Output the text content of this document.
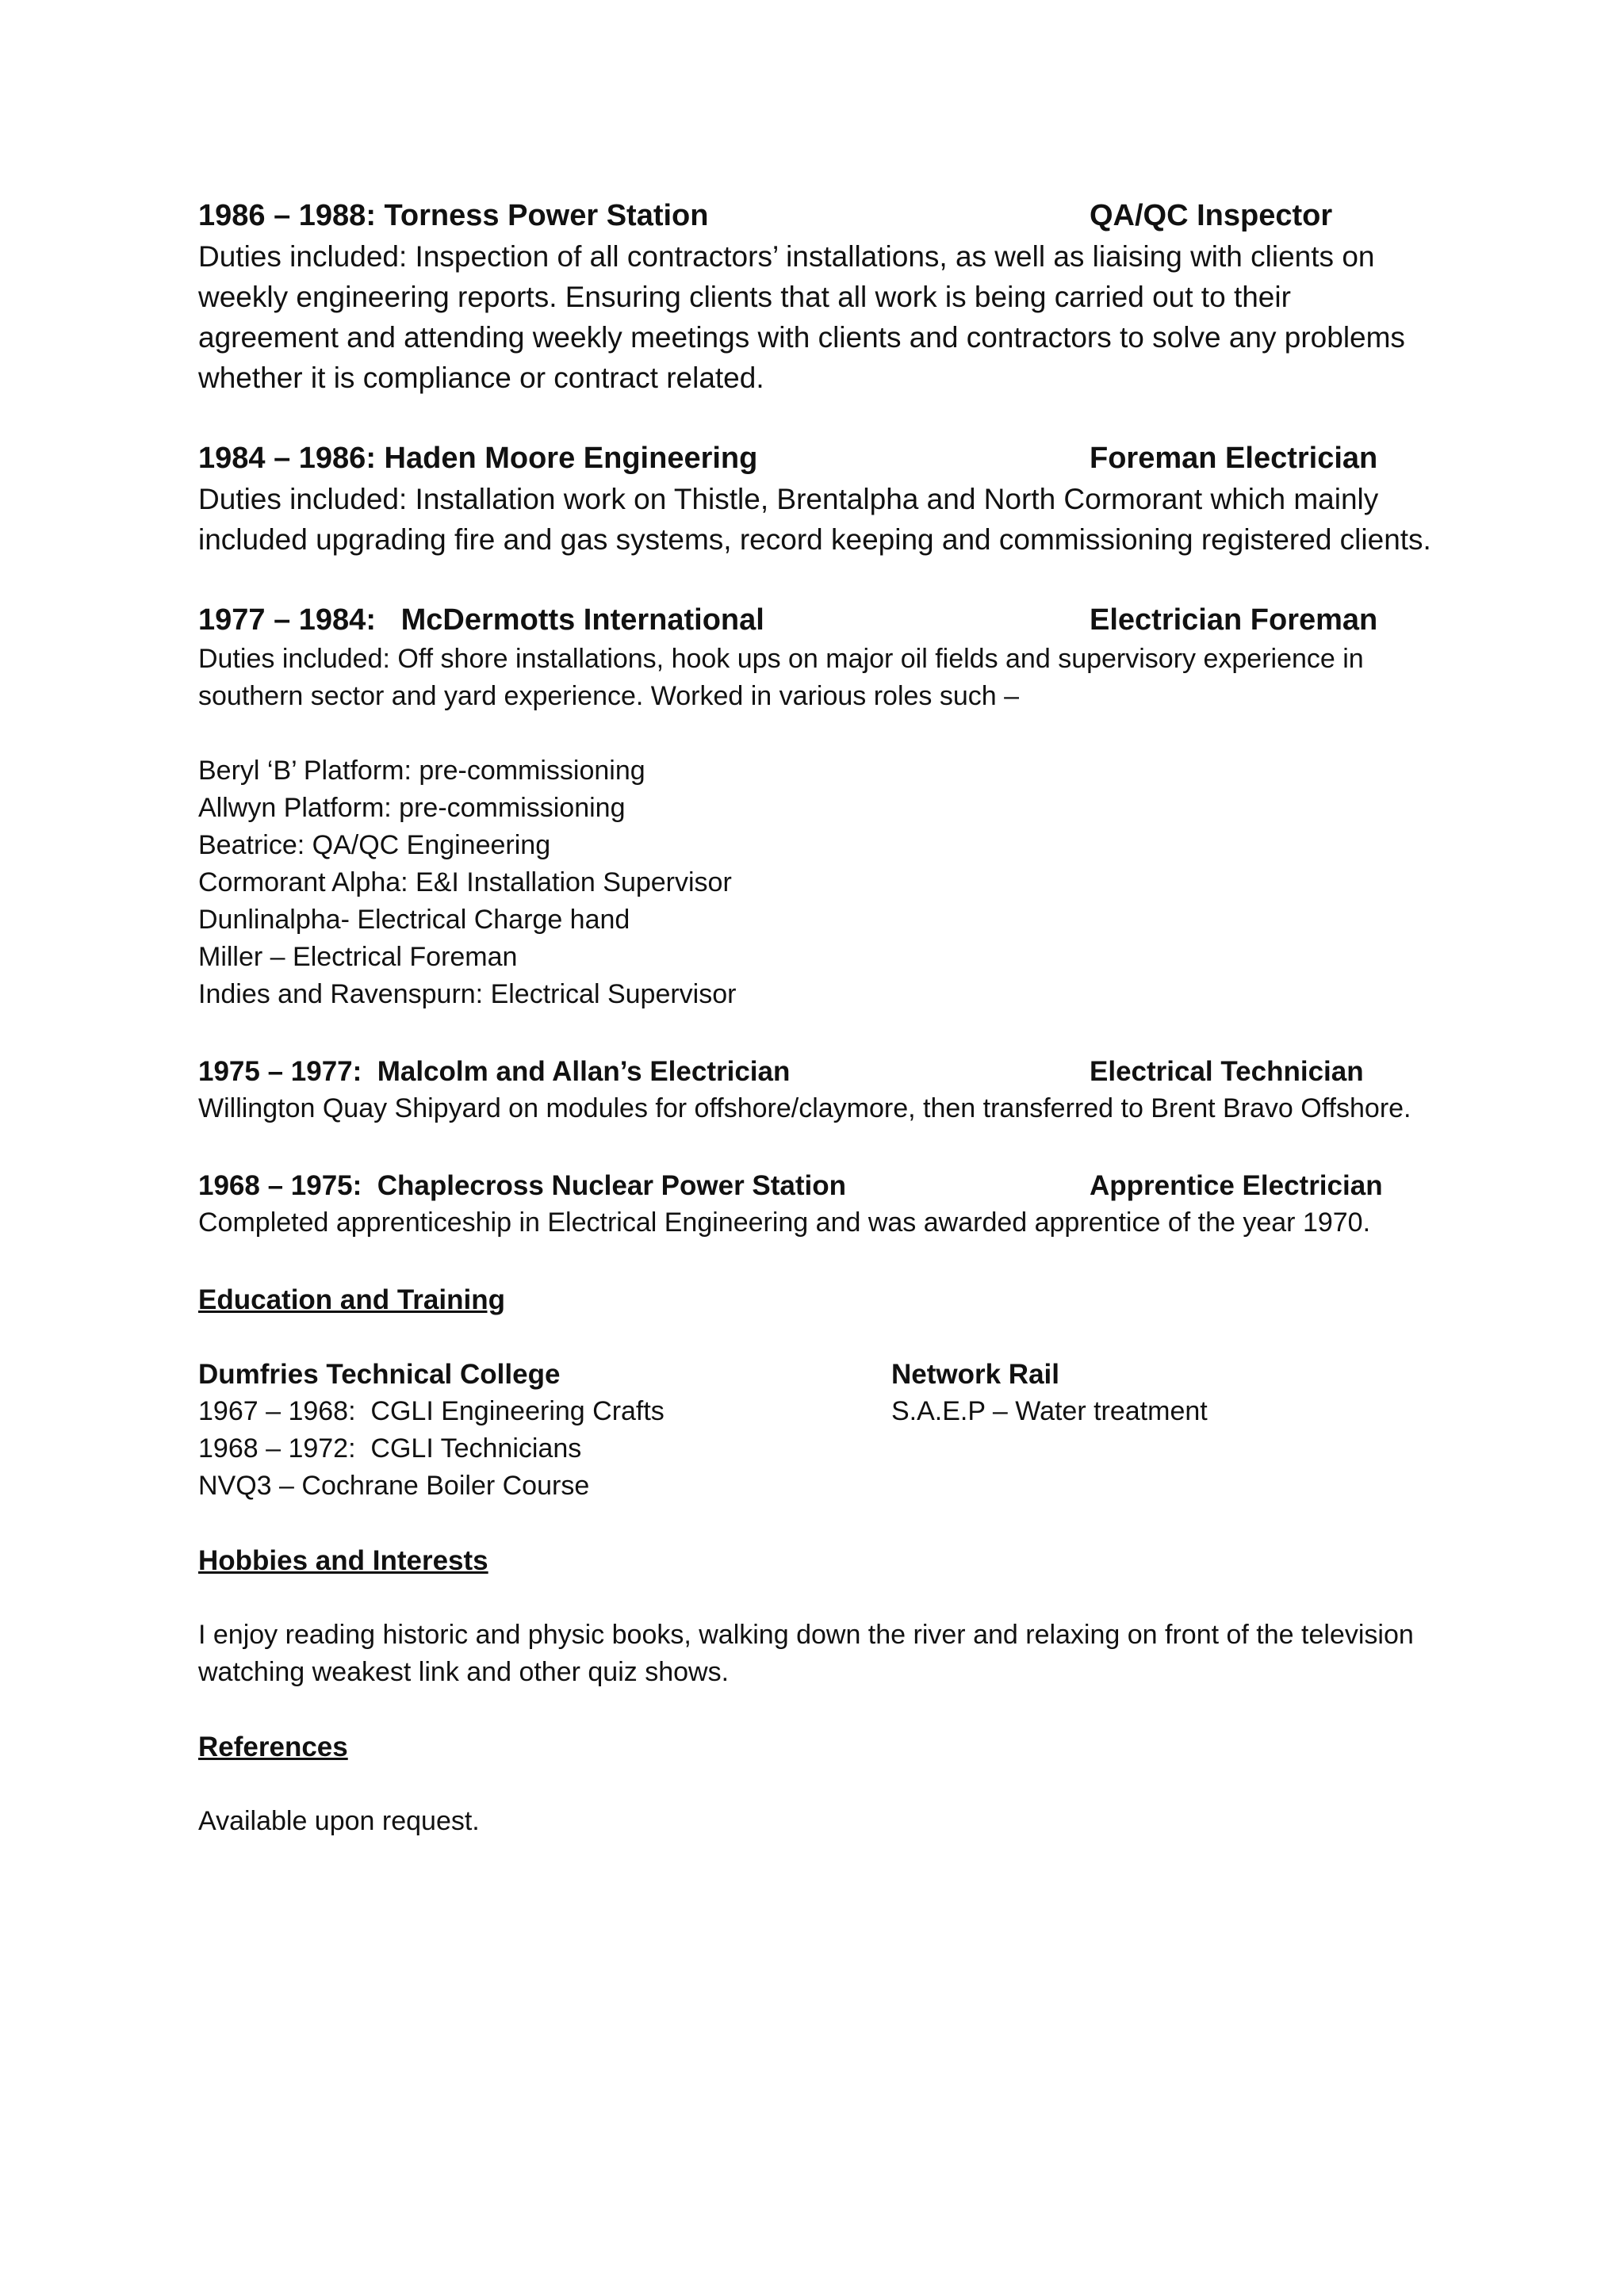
1986 – 1988: Torness Power Station	QA/QC Inspector
Duties included: Inspection of all contractors’ installations, as well as liaising with clients on weekly engineering reports. Ensuring clients that all work is being carried out to their agreement and attending weekly meetings with clients and contractors to solve any problems whether it is compliance or contract related.
1984 – 1986: Haden Moore Engineering	Foreman Electrician
Duties included: Installation work on Thistle, Brentalpha and North Cormorant which mainly included upgrading fire and gas systems, record keeping and commissioning registered clients.
1977 – 1984:   McDermotts International	Electrician Foreman
Duties included: Off shore installations, hook ups on major oil fields and supervisory experience in southern sector and yard experience. Worked in various roles such –
Beryl ‘B’ Platform: pre-commissioning
Allwyn Platform: pre-commissioning
Beatrice: QA/QC Engineering
Cormorant Alpha: E&I Installation Supervisor
Dunlinalpha- Electrical Charge hand
Miller – Electrical Foreman
Indies and Ravenspurn: Electrical Supervisor
1975 – 1977:  Malcolm and Allan’s Electrician	Electrical Technician
Willington Quay Shipyard on modules for offshore/claymore, then transferred to Brent Bravo Offshore.
1968 – 1975:  Chaplecross Nuclear Power Station	Apprentice Electrician
Completed apprenticeship in Electrical Engineering and was awarded apprentice of the year 1970.
Education and Training
Dumfries Technical College
1967 – 1968:  CGLI Engineering Crafts
1968 – 1972:  CGLI Technicians
NVQ3 – Cochrane Boiler Course
Network Rail
S.A.E.P – Water treatment
Hobbies and Interests
I enjoy reading historic and physic books, walking down the river and relaxing on front of the television watching weakest link and other quiz shows.
References
Available upon request.
